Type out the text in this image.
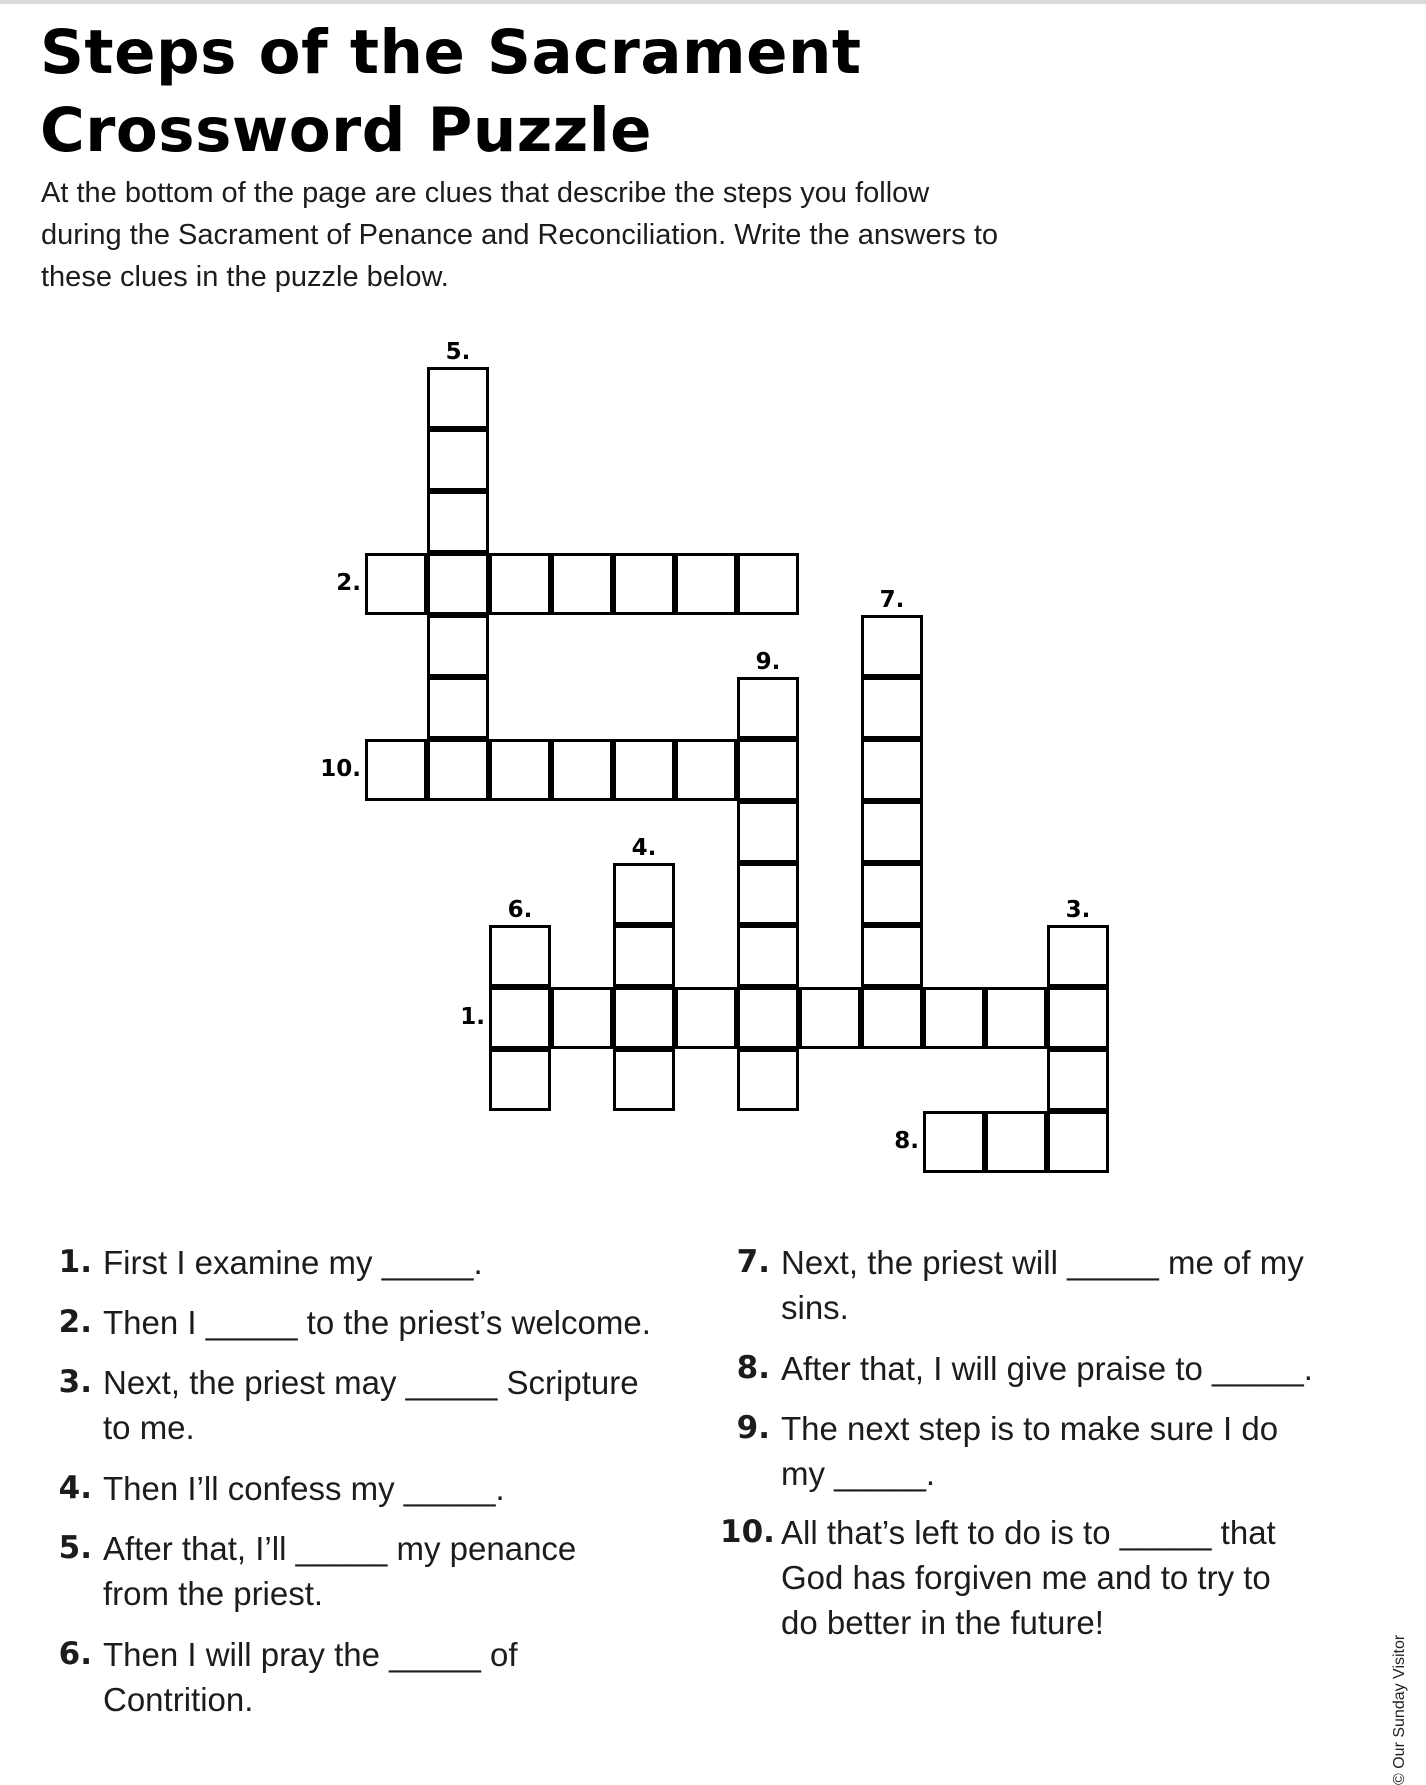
Steps of the Sacrament
Crossword Puzzle

At the bottom of the page are clues that describe the steps you follow
during the Sacrament of Penance and Reconciliation. Write the answers to
these clues in the puzzle below.

1.
2.
3.
4.
5.
6.
7.
8.
9.
10.
1. First I examine my _____.
2. Then I _____ to the priest’s welcome.
3. Next, the priest may _____ Scripture
to me.
4. Then I’ll confess my _____.
5. After that, I’ll _____ my penance
from the priest.
6. Then I will pray the _____ of
Contrition.
7. Next, the priest will _____ me of my
sins.
8. After that, I will give praise to _____.
9. The next step is to make sure I do
my _____.
10. All that’s left to do is to _____ that
God has forgiven me and to try to
do better in the future!
© Our Sunday Visitor
